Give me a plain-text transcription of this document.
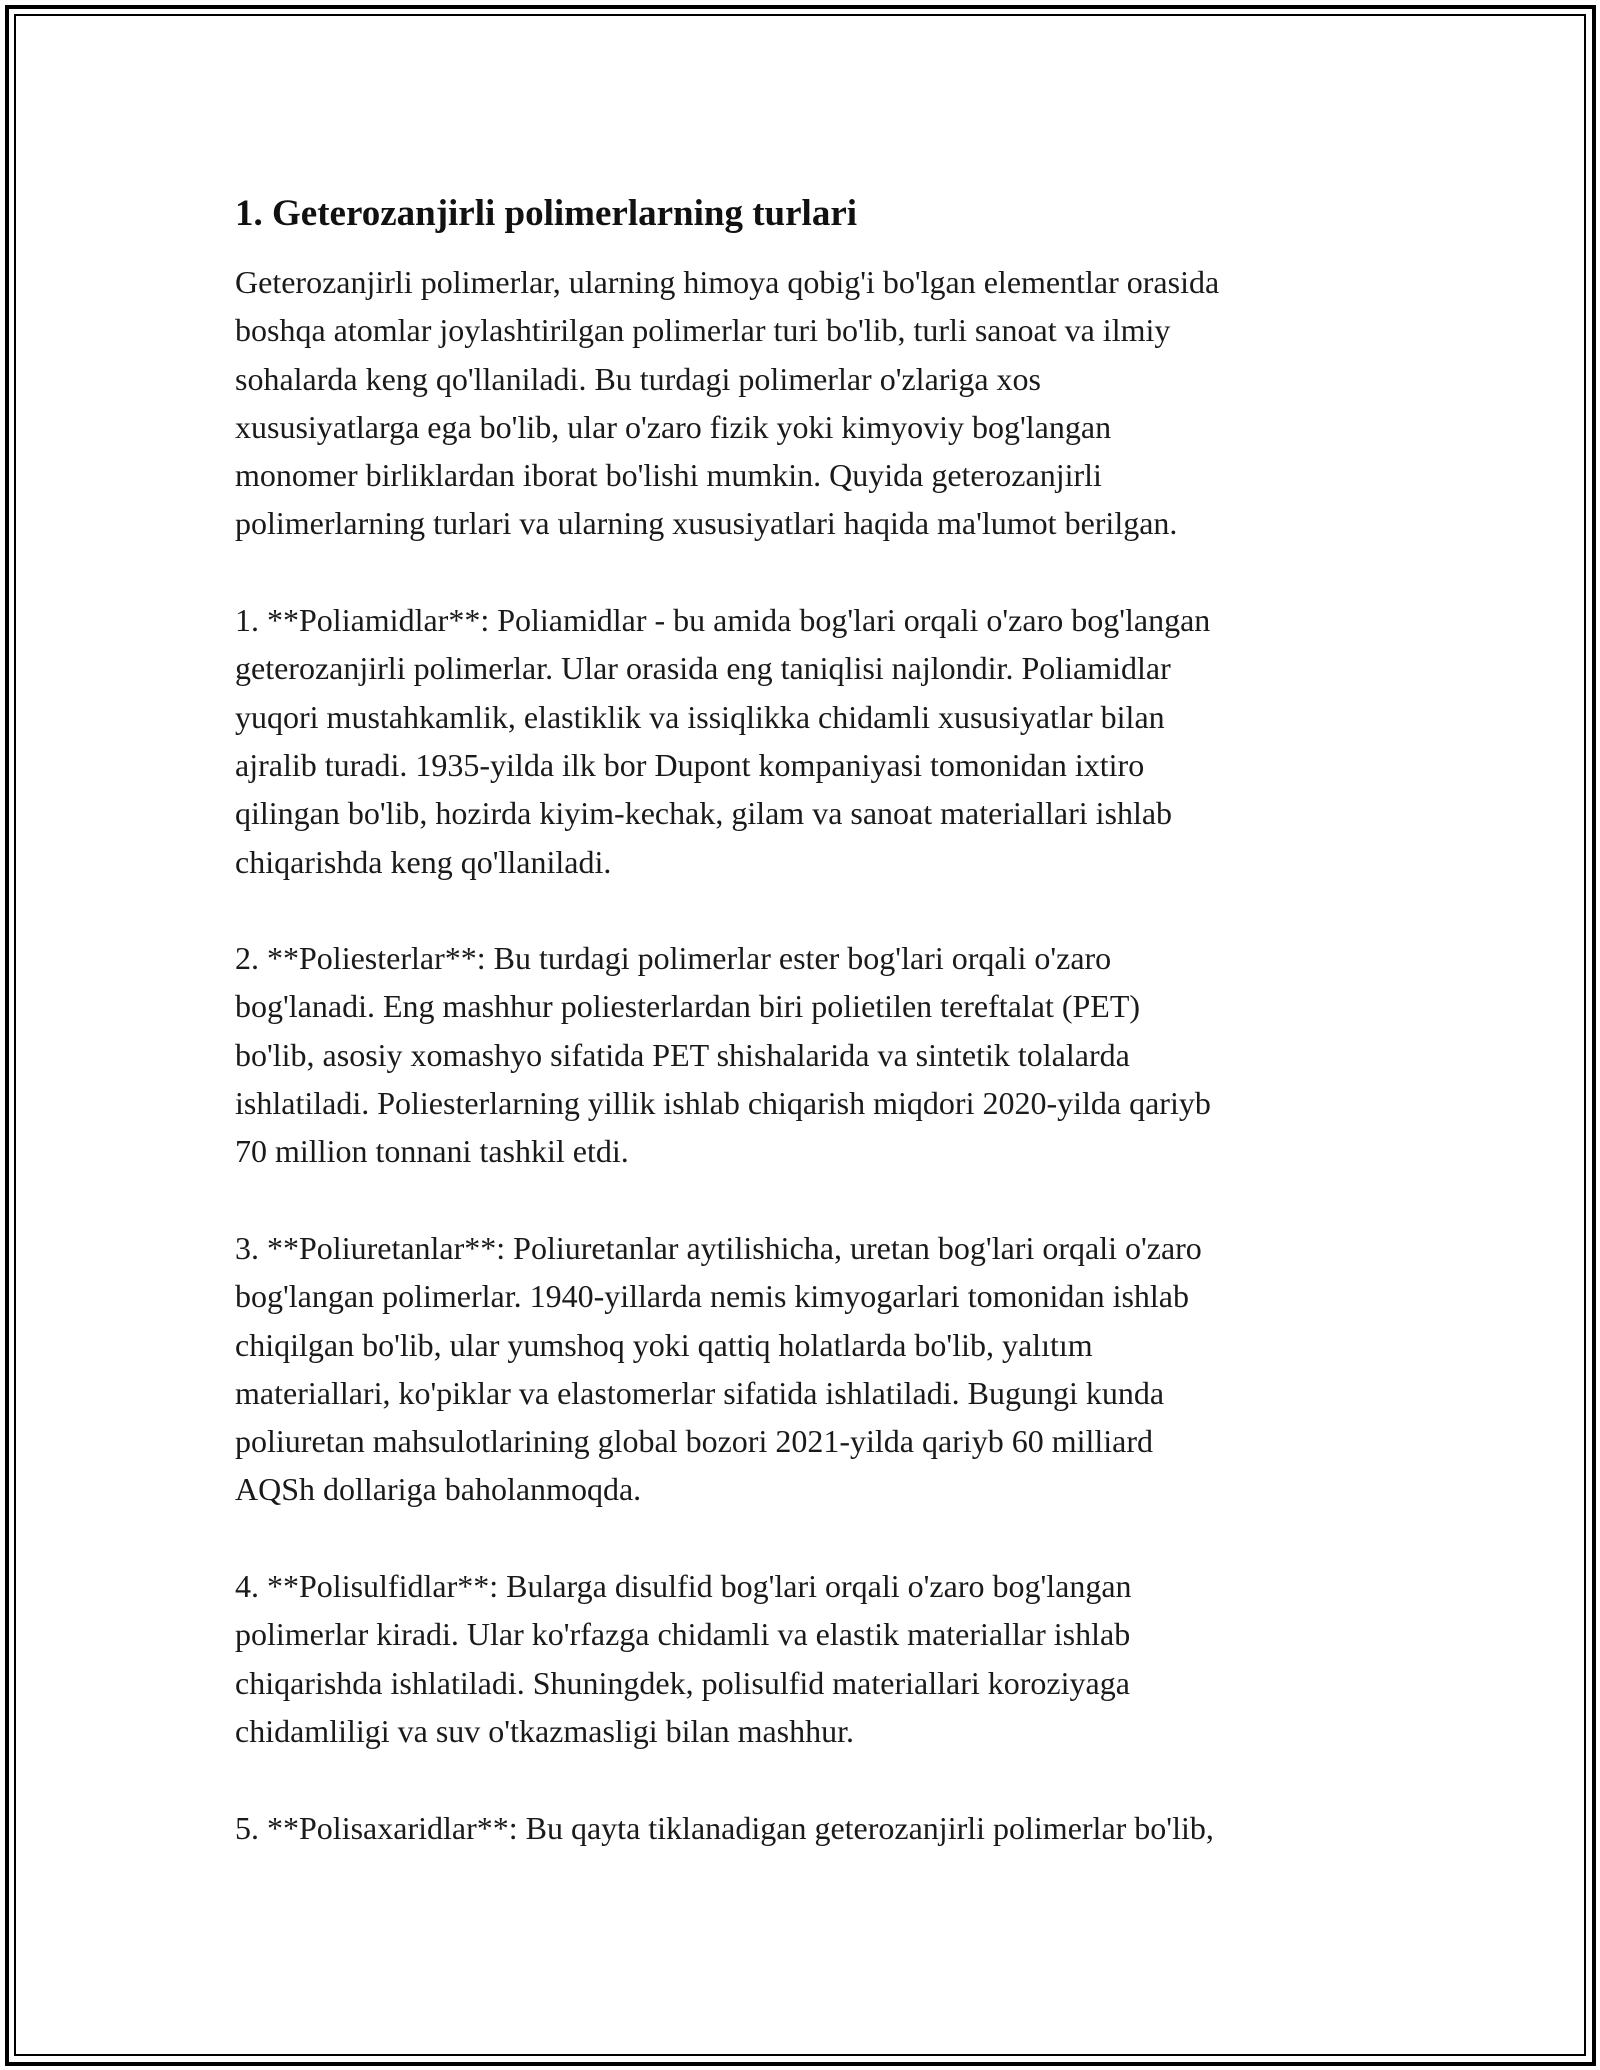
1. Geterozanjirli polimerlarning turlari

Geterozanjirli polimerlar, ularning himoya qobig'i bo'lgan elementlar orasida
boshqa atomlar joylashtirilgan polimerlar turi bo'lib, turli sanoat va ilmiy
sohalarda keng qo'llaniladi. Bu turdagi polimerlar o'zlariga xos
xususiyatlarga ega bo'lib, ular o'zaro fizik yoki kimyoviy bog'langan
monomer birliklardan iborat bo'lishi mumkin. Quyida geterozanjirli
polimerlarning turlari va ularning xususiyatlari haqida ma'lumot berilgan.

1. **Poliamidlar**: Poliamidlar - bu amida bog'lari orqali o'zaro bog'langan
geterozanjirli polimerlar. Ular orasida eng taniqlisi najlondir. Poliamidlar
yuqori mustahkamlik, elastiklik va issiqlikka chidamli xususiyatlar bilan
ajralib turadi. 1935-yilda ilk bor Dupont kompaniyasi tomonidan ixtiro
qilingan bo'lib, hozirda kiyim-kechak, gilam va sanoat materiallari ishlab
chiqarishda keng qo'llaniladi.

2. **Poliesterlar**: Bu turdagi polimerlar ester bog'lari orqali o'zaro
bog'lanadi. Eng mashhur poliesterlardan biri polietilen tereftalat (PET)
bo'lib, asosiy xomashyo sifatida PET shishalarida va sintetik tolalarda
ishlatiladi. Poliesterlarning yillik ishlab chiqarish miqdori 2020-yilda qariyb
70 million tonnani tashkil etdi.

3. **Poliuretanlar**: Poliuretanlar aytilishicha, uretan bog'lari orqali o'zaro
bog'langan polimerlar. 1940-yillarda nemis kimyogarlari tomonidan ishlab
chiqilgan bo'lib, ular yumshoq yoki qattiq holatlarda bo'lib, yalıtım
materiallari, ko'piklar va elastomerlar sifatida ishlatiladi. Bugungi kunda
poliuretan mahsulotlarining global bozori 2021-yilda qariyb 60 milliard
AQSh dollariga baholanmoqda.

4. **Polisulfidlar**: Bularga disulfid bog'lari orqali o'zaro bog'langan
polimerlar kiradi. Ular ko'rfazga chidamli va elastik materiallar ishlab
chiqarishda ishlatiladi. Shuningdek, polisulfid materiallari koroziyaga
chidamliligi va suv o'tkazmasligi bilan mashhur.

5. **Polisaxaridlar**: Bu qayta tiklanadigan geterozanjirli polimerlar bo'lib,
